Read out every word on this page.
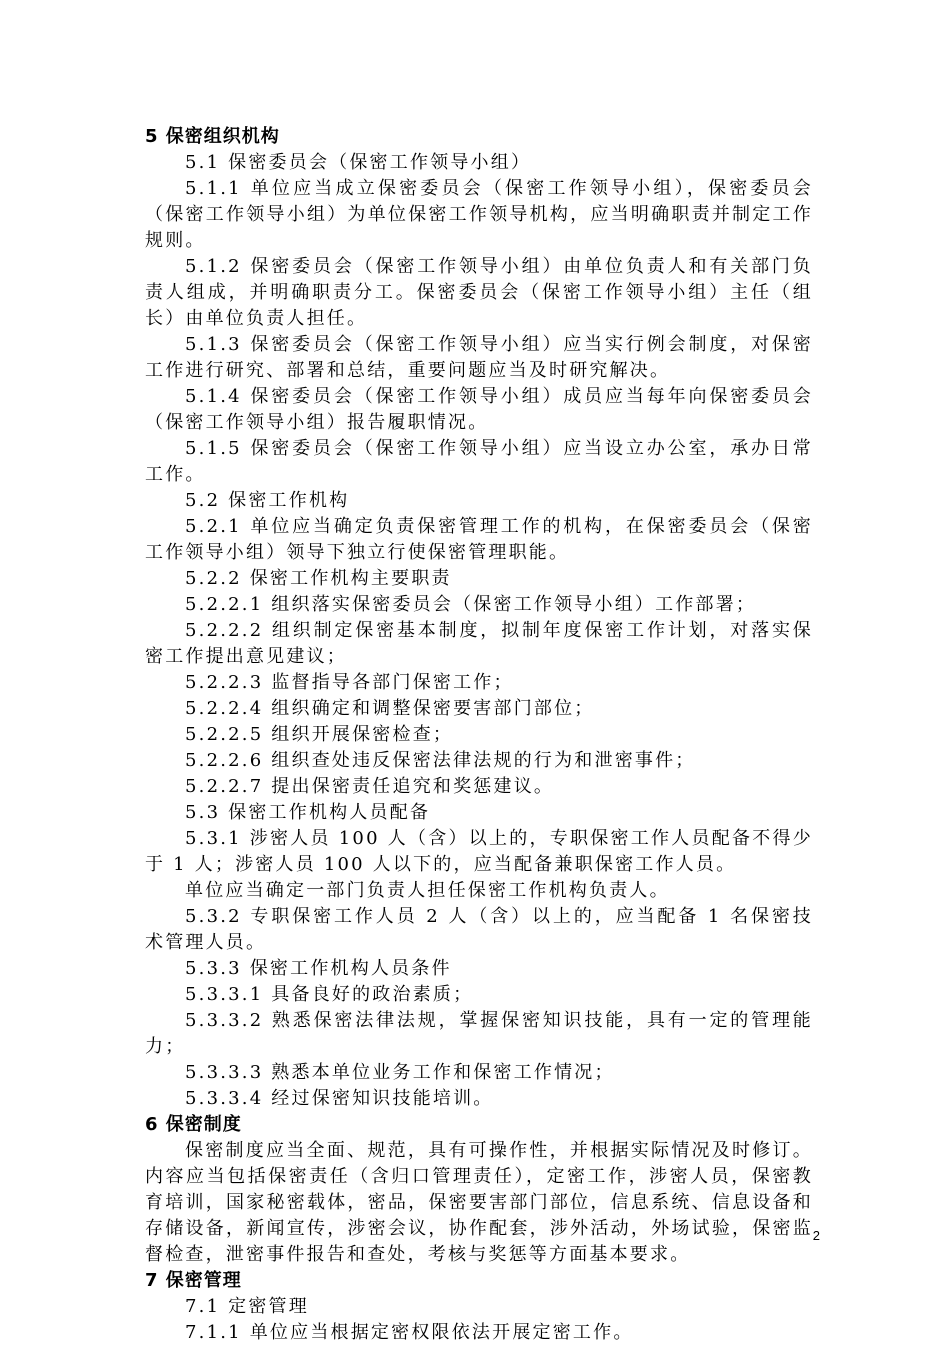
5 保密组织机构

5.1 保密委员会（保密工作领导小组）

5.1.1 单位应当成立保密委员会（保密工作领导小组），保密委员会（保密工作领导小组）为单位保密工作领导机构，应当明确职责并制定工作规则。

5.1.2 保密委员会（保密工作领导小组）由单位负责人和有关部门负责人组成，并明确职责分工。保密委员会（保密工作领导小组）主任（组长）由单位负责人担任。

5.1.3 保密委员会（保密工作领导小组）应当实行例会制度，对保密工作进行研究、部署和总结，重要问题应当及时研究解决。

5.1.4 保密委员会（保密工作领导小组）成员应当每年向保密委员会（保密工作领导小组）报告履职情况。

5.1.5 保密委员会（保密工作领导小组）应当设立办公室，承办日常工作。

5.2 保密工作机构

5.2.1 单位应当确定负责保密管理工作的机构，在保密委员会（保密工作领导小组）领导下独立行使保密管理职能。

5.2.2 保密工作机构主要职责

5.2.2.1 组织落实保密委员会（保密工作领导小组）工作部署；

5.2.2.2 组织制定保密基本制度，拟制年度保密工作计划，对落实保密工作提出意见建议；

5.2.2.3 监督指导各部门保密工作；

5.2.2.4 组织确定和调整保密要害部门部位；

5.2.2.5 组织开展保密检查；

5.2.2.6 组织查处违反保密法律法规的行为和泄密事件；

5.2.2.7 提出保密责任追究和奖惩建议。

5.3 保密工作机构人员配备

5.3.1 涉密人员 100 人（含）以上的，专职保密工作人员配备不得少于 1 人；涉密人员 100 人以下的，应当配备兼职保密工作人员。

单位应当确定一部门负责人担任保密工作机构负责人。

5.3.2 专职保密工作人员 2 人（含）以上的，应当配备 1 名保密技术管理人员。

5.3.3 保密工作机构人员条件

5.3.3.1 具备良好的政治素质；

5.3.3.2 熟悉保密法律法规，掌握保密知识技能，具有一定的管理能力；

5.3.3.3 熟悉本单位业务工作和保密工作情况；

5.3.3.4 经过保密知识技能培训。

6 保密制度

保密制度应当全面、规范，具有可操作性，并根据实际情况及时修订。内容应当包括保密责任（含归口管理责任），定密工作，涉密人员，保密教育培训，国家秘密载体，密品，保密要害部门部位，信息系统、信息设备和存储设备，新闻宣传，涉密会议，协作配套，涉外活动，外场试验，保密监督检查，泄密事件报告和查处，考核与奖惩等方面基本要求。

7 保密管理

7.1 定密管理

7.1.1 单位应当根据定密权限依法开展定密工作。

2
